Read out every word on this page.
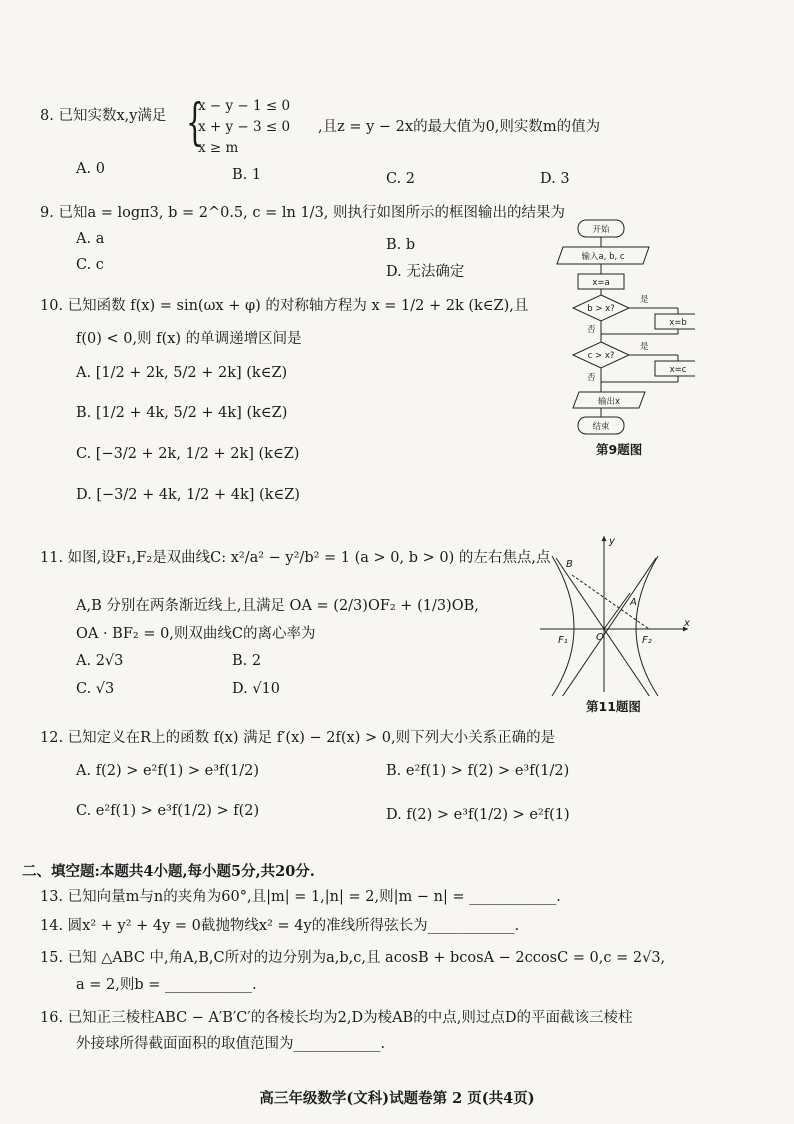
8. 已知实数x,y满足 {
x − y − 1 ≤ 0
x + y − 3 ≤ 0 ,且z = y − 2x的最大值为0,则实数m的值为
x ≥ m
A. 0	B. 1	C. 2	D. 3
9. 已知a = logπ3, b = 2^0.5, c = ln 1/3, 则执行如图所示的框图输出的结果为
A. a	B. b
C. c	D. 无法确定
开始
输入a, b, c
x=a
b > x?
是
x=b
否
c > x?
是
x=c
否
输出x
结束
第9题图
10. 已知函数 f(x) = sin(ωx + φ) 的对称轴方程为 x = 1/2 + 2k (k∈Z),且
f(0) < 0,则 f(x) 的单调递增区间是
A. [1/2 + 2k, 5/2 + 2k] (k∈Z)
B. [1/2 + 4k, 5/2 + 4k] (k∈Z)
C. [−3/2 + 2k, 1/2 + 2k] (k∈Z)
D. [−3/2 + 4k, 1/2 + 4k] (k∈Z)
11. 如图,设F₁,F₂是双曲线C: x²/a² − y²/b² = 1 (a > 0, b > 0) 的左右焦点,点
A,B 分别在两条渐近线上,且满足 OA = (2/3)OF₂ + (1/3)OB,
OA · BF₂ = 0,则双曲线C的离心率为
A. 2√3	B. 2
C. √3	D. √10
y
x
B
A
O
F₁	F₂
第11题图
12. 已知定义在R上的函数 f(x) 满足 f′(x) − 2f(x) > 0,则下列大小关系正确的是
A. f(2) > e²f(1) > e³f(1/2)	B. e²f(1) > f(2) > e³f(1/2)
C. e²f(1) > e³f(1/2) > f(2)	D. f(2) > e³f(1/2) > e²f(1)
二、填空题:本题共4小题,每小题5分,共20分.
13. 已知向量m与n的夹角为60°,且|m| = 1,|n| = 2,则|m − n| = ____________.
14. 圆x² + y² + 4y = 0截抛物线x² = 4y的准线所得弦长为____________.
15. 已知 △ABC 中,角A,B,C所对的边分别为a,b,c,且 acosB + bcosA − 2ccosC = 0,c = 2√3,
a = 2,则b = ____________.
16. 已知正三棱柱ABC − A′B′C′的各棱长均为2,D为棱AB的中点,则过点D的平面截该三棱柱
外接球所得截面面积的取值范围为____________.
高三年级数学(文科)试题卷第 2 页(共4页)
